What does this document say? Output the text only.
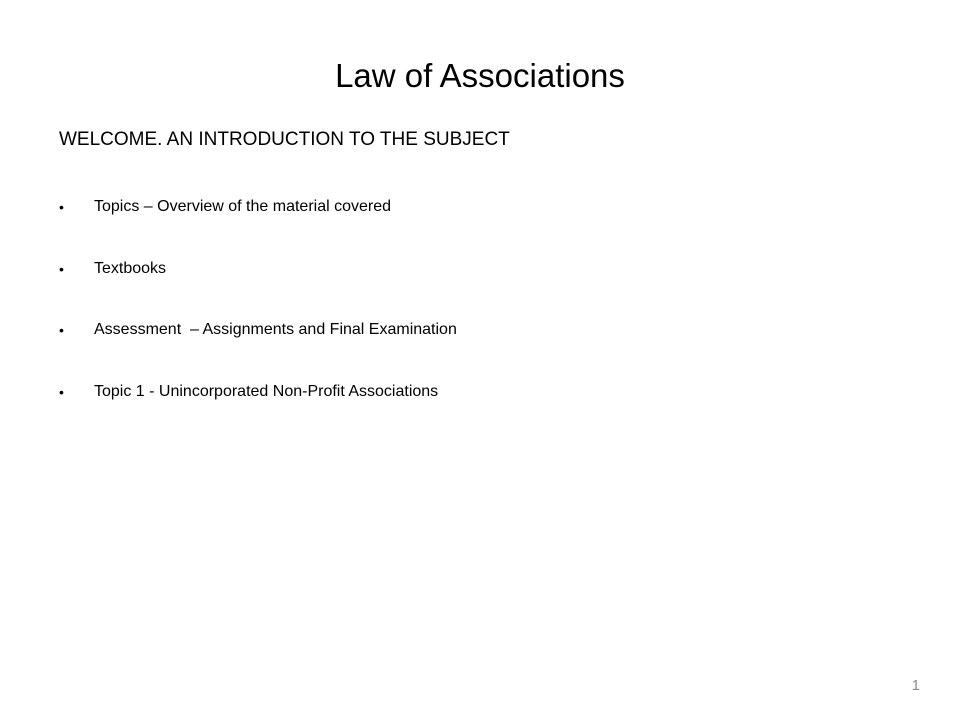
Law of Associations
WELCOME. AN INTRODUCTION TO THE SUBJECT
•	Topics – Overview of the material covered
•	Textbooks
•	Assessment  – Assignments and Final Examination
•	Topic 1 - Unincorporated Non-Profit Associations
1
